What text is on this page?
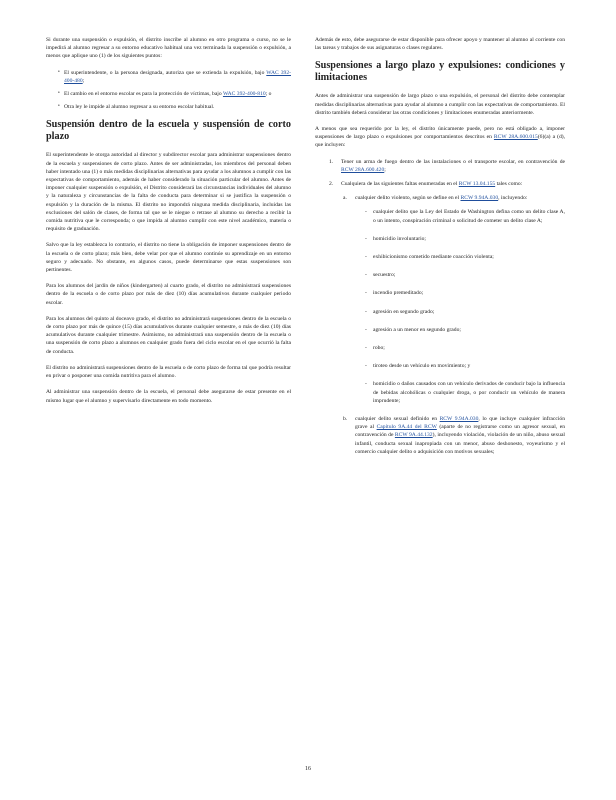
Si durante una suspensión o expulsión, el distrito inscribe al alumno en otro programa o curso, no se le impedirá al alumno regresar a su entorno educativo habitual una vez terminada la suspensión o expulsión, a menos que aplique uno (1) de los siguientes puntos:

• El superintendente, o la persona designada, autoriza que se extienda la expulsión, bajo WAC 392-400-480;
• El cambio en el entorno escolar es para la protección de víctimas, bajo WAC 392-400-810; o
• Otra ley le impide al alumno regresar a su entorno escolar habitual.
Suspensión dentro de la escuela y suspensión de corto plazo

El superintendente le otorga autoridad al director y subdirector escolar para administrar suspensiones dentro de la escuela y suspensiones de corto plazo. Antes de ser administradas, los miembros del personal deben haber intentado una (1) o más medidas disciplinarias alternativas para ayudar a los alumnos a cumplir con las expectativas de comportamiento, además de haber considerado la situación particular del alumno. Antes de imponer cualquier suspensión o expulsión, el Distrito considerará las circunstancias individuales del alumno y la naturaleza y circunstancias de la falta de conducta para determinar si se justifica la suspensión o expulsión y la duración de la misma. El distrito no impondrá ninguna medida disciplinaria, incluidas las exclusiones del salón de clases, de forma tal que se le niegue o retrase al alumno su derecho a recibir la comida nutritiva que le corresponda; o que impida al alumno cumplir con este nivel académico, materia o requisito de graduación.

Salvo que la ley establezca lo contrario, el distrito no tiene la obligación de imponer suspensiones dentro de la escuela o de corto plazo; más bien, debe velar por que el alumno continúe su aprendizaje en un entorno seguro y adecuado. No obstante, en algunos casos, puede determinarse que estas suspensiones son pertinentes.

Para los alumnos del jardín de niños (kindergarten) al cuarto grado, el distrito no administrará suspensiones dentro de la escuela o de corto plazo por más de diez (10) días acumulativos durante cualquier periodo escolar.

Para los alumnos del quinto al doceavo grado, el distrito no administrará suspensiones dentro de la escuela o de corto plazo por más de quince (15) días acumulativos durante cualquier semestre, o más de diez (10) días acumulativos durante cualquier trimestre. Asimismo, no administrará una suspensión dentro de la escuela o una suspensión de corto plazo a alumnos en cualquier grado fuera del ciclo escolar en el que ocurrió la falta de conducta.

El distrito no administrará suspensiones dentro de la escuela o de corto plazo de forma tal que podría resultar en privar o posponer una comida nutritiva para el alumno.

Al administrar una suspensión dentro de la escuela, el personal debe asegurarse de estar presente en el mismo lugar que el alumno y supervisarlo directamente en todo momento.

Además de esto, debe asegurarse de estar disponible para ofrecer apoyo y mantener al alumno al corriente con las tareas y trabajos de sus asignaturas o clases regulares.

Suspensiones a largo plazo y expulsiones: condiciones y limitaciones

Antes de administrar una suspensión de largo plazo o una expulsión, el personal del distrito debe contemplar medidas disciplinarias alternativas para ayudar al alumno a cumplir con las expectativas de comportamiento. El distrito también deberá considerar las otras condiciones y limitaciones enumeradas anteriormente.

A menos que sea requerido por la ley, el distrito únicamente puede, pero no está obligado a, imponer suspensiones de largo plazo o expulsiones por comportamientos descritos en RCW 28A.600.015(6)(a) a (d), que incluyen:

1. Tener un arma de fuego dentro de las instalaciones o el transporte escolar, en contravención de RCW 28A.600.420;
2. Cualquiera de las siguientes faltas enumeradas en el RCW 13.04.155 tales como:
a. cualquier delito violento, según se define en el RCW 9.94A.030, incluyendo:
- cualquier delito que la Ley del Estado de Washington defina como un delito clase A, o un intento, conspiración criminal o solicitud de cometer un delito clase A;
- homicidio involuntario;
- exhibicionismo cometido mediante coacción violenta;
- secuestro;
- incendio premeditado;
- agresión en segundo grado;
- agresión a un menor en segundo grado;
- robo;
- tiroteo desde un vehículo en movimiento; y
- homicidio o daños causados con un vehículo derivados de conducir bajo la influencia de bebidas alcohólicas o cualquier droga, o por conducir un vehículo de manera imprudente;
b. cualquier delito sexual definido en RCW 9.94A.030, lo que incluye cualquier infracción grave al Capítulo 9A.44 del RCW (aparte de no registrarse como un agresor sexual, en contravención de RCW 9A.44.132), incluyendo violación, violación de un niño, abuso sexual infantil, conducta sexual inapropiada con un menor, abuso deshonesto, voyeurismo y el comercio cualquier delito o adquisición con motivos sexuales;
16
